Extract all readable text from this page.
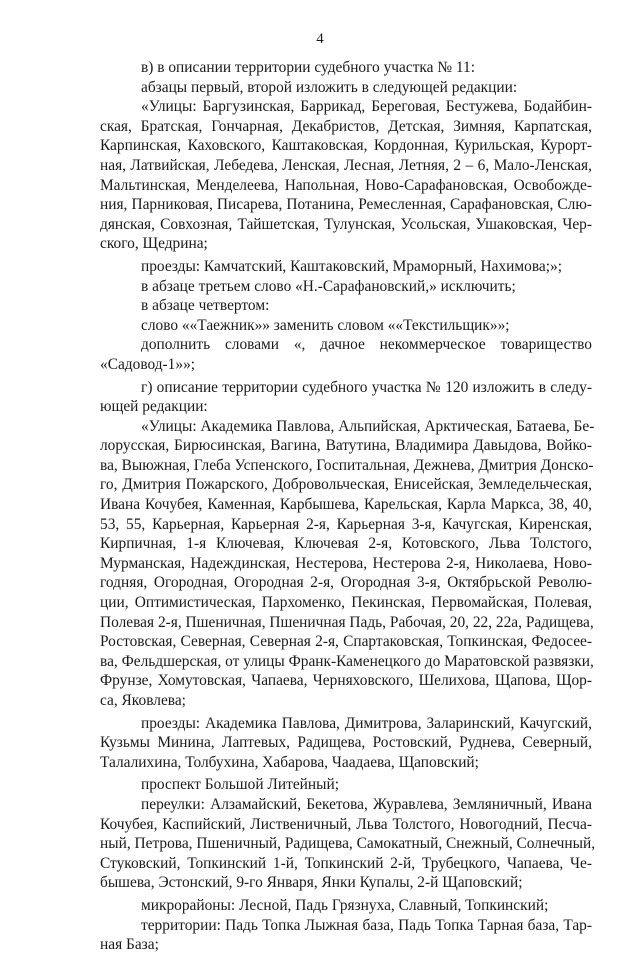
4
в) в описании территории судебного участка № 11:
абзацы первый, второй изложить в следующей редакции:
«Улицы: Баргузинская, Баррикад, Береговая, Бестужева, Бодайбин-
ская, Братская, Гончарная, Декабристов, Детская, Зимняя, Карпатская,
Карпинская, Каховского, Каштаковская, Кордонная, Курильская, Курорт-
ная, Латвийская, Лебедева, Ленская, Лесная, Летняя, 2 – 6, Мало-Ленская,
Мальтинская, Менделеева, Напольная, Ново-Сарафановская, Освобожде-
ния, Парниковая, Писарева, Потанина, Ремесленная, Сарафановская, Слю-
дянская, Совхозная, Тайшетская, Тулунская, Усольская, Ушаковская, Чер-
ского, Щедрина;
проезды: Камчатский, Каштаковский, Мраморный, Нахимова;»;
в абзаце третьем слово «Н.-Сарафановский,» исключить;
в абзаце четвертом:
слово ««Таежник»» заменить словом ««Текстильщик»»;
дополнить словами «, дачное некоммерческое товарищество
«Садовод-1»»;
г) описание территории судебного участка № 120 изложить в следу-
ющей редакции:
«Улицы: Академика Павлова, Альпийская, Арктическая, Батаева, Бе-
лорусская, Бирюсинская, Вагина, Ватутина, Владимира Давыдова, Войко-
ва, Выюжная, Глеба Успенского, Госпитальная, Дежнева, Дмитрия Донско-
го, Дмитрия Пожарского, Добровольческая, Енисейская, Земледельческая,
Ивана Кочубея, Каменная, Карбышева, Карельская, Карла Маркса, 38, 40,
53, 55, Карьерная, Карьерная 2-я, Карьерная 3-я, Качугская, Киренская,
Кирпичная, 1-я Ключевая, Ключевая 2-я, Котовского, Льва Толстого,
Мурманская, Надеждинская, Нестерова, Нестерова 2-я, Николаева, Ново-
годняя, Огородная, Огородная 2-я, Огородная 3-я, Октябрьской Револю-
ции, Оптимистическая, Пархоменко, Пекинская, Первомайская, Полевая,
Полевая 2-я, Пшеничная, Пшеничная Падь, Рабочая, 20, 22, 22а, Радищева,
Ростовская, Северная, Северная 2-я, Спартаковская, Топкинская, Федосее-
ва, Фельдшерская, от улицы Франк-Каменецкого до Маратовской развязки,
Фрунзе, Хомутовская, Чапаева, Черняховского, Шелихова, Щапова, Щор-
са, Яковлева;
проезды: Академика Павлова, Димитрова, Заларинский, Качугский,
Кузьмы Минина, Лаптевых, Радищева, Ростовский, Руднева, Северный,
Талалихина, Толбухина, Хабарова, Чаадаева, Щаповский;
проспект Большой Литейный;
переулки: Алзамайский, Бекетова, Журавлева, Земляничный, Ивана
Кочубея, Каспийский, Лиственичный, Льва Толстого, Новогодний, Песча-
ный, Петрова, Пшеничный, Радищева, Самокатный, Снежный, Солнечный,
Стуковский, Топкинский 1-й, Топкинский 2-й, Трубецкого, Чапаева, Че-
бышева, Эстонский, 9-го Января, Янки Купалы, 2-й Щаповский;
микрорайоны: Лесной, Падь Грязнуха, Славный, Топкинский;
территории: Падь Топка Лыжная база, Падь Топка Тарная база, Тар-
ная База;
